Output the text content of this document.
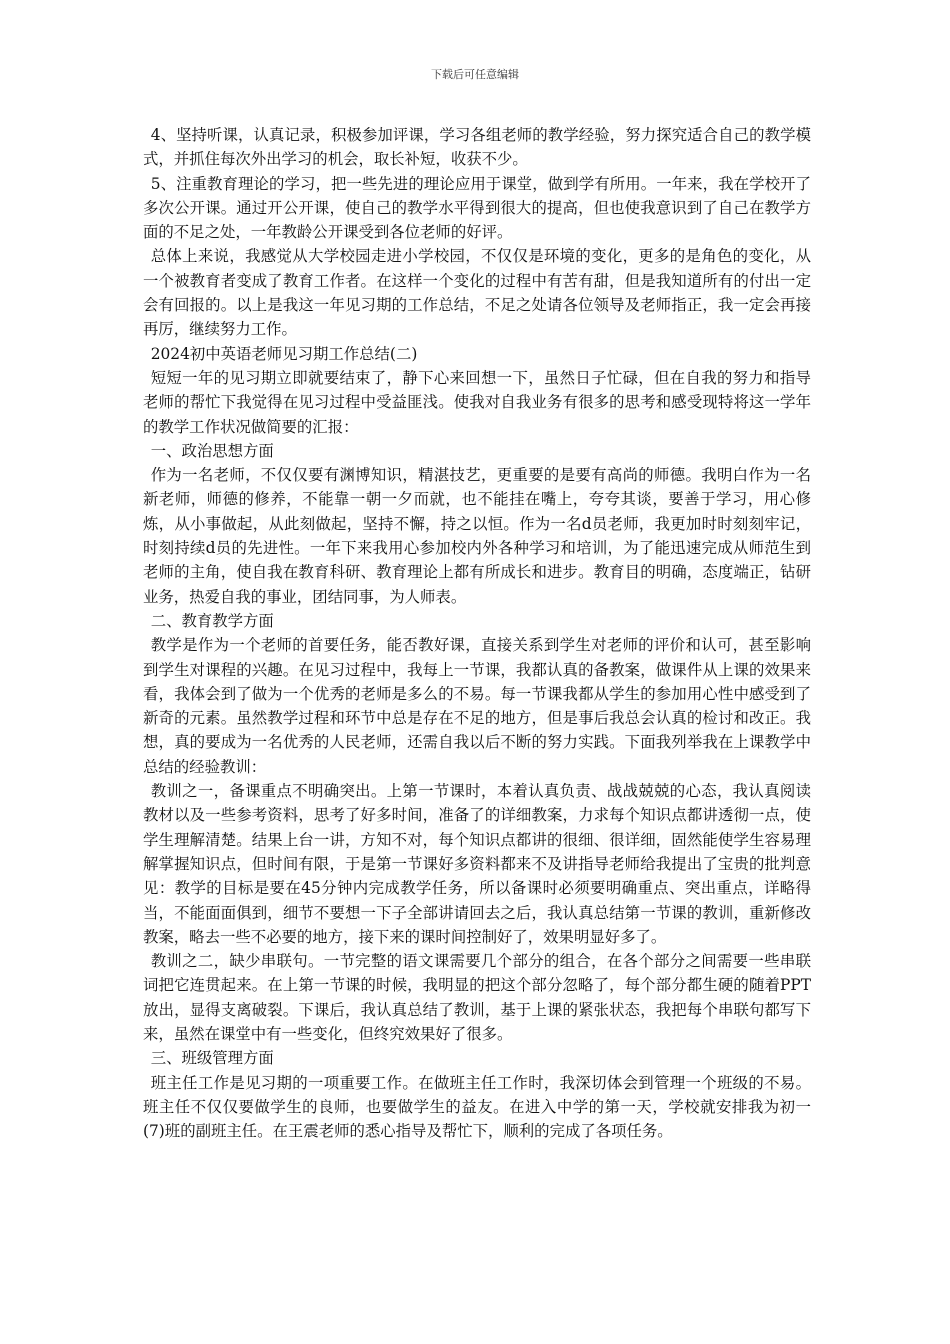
下载后可任意编辑

4、坚持听课，认真记录，积极参加评课，学习各组老师的教学经验，努力探究适合自己的教学模式，并抓住每次外出学习的机会，取长补短，收获不少。

5、注重教育理论的学习，把一些先进的理论应用于课堂，做到学有所用。一年来，我在学校开了多次公开课。通过开公开课，使自己的教学水平得到很大的提高，但也使我意识到了自己在教学方面的不足之处，一年教龄公开课受到各位老师的好评。

总体上来说，我感觉从大学校园走进小学校园，不仅仅是环境的变化，更多的是角色的变化，从一个被教育者变成了教育工作者。在这样一个变化的过程中有苦有甜，但是我知道所有的付出一定会有回报的。以上是我这一年见习期的工作总结，不足之处请各位领导及老师指正，我一定会再接再厉，继续努力工作。

2024初中英语老师见习期工作总结(二)

短短一年的见习期立即就要结束了，静下心来回想一下，虽然日子忙碌，但在自我的努力和指导老师的帮忙下我觉得在见习过程中受益匪浅。使我对自我业务有很多的思考和感受现特将这一学年的教学工作状况做简要的汇报：

一、政治思想方面

作为一名老师，不仅仅要有渊博知识，精湛技艺，更重要的是要有高尚的师德。我明白作为一名新老师，师德的修养，不能靠一朝一夕而就，也不能挂在嘴上，夸夸其谈，要善于学习，用心修炼，从小事做起，从此刻做起，坚持不懈，持之以恒。作为一名d员老师，我更加时时刻刻牢记，时刻持续d员的先进性。一年下来我用心参加校内外各种学习和培训，为了能迅速完成从师范生到老师的主角，使自我在教育科研、教育理论上都有所成长和进步。教育目的明确，态度端正，钻研业务，热爱自我的事业，团结同事，为人师表。

二、教育教学方面

教学是作为一个老师的首要任务，能否教好课，直接关系到学生对老师的评价和认可，甚至影响到学生对课程的兴趣。在见习过程中，我每上一节课，我都认真的备教案，做课件从上课的效果来看，我体会到了做为一个优秀的老师是多么的不易。每一节课我都从学生的参加用心性中感受到了新奇的元素。虽然教学过程和环节中总是存在不足的地方，但是事后我总会认真的检讨和改正。我想，真的要成为一名优秀的人民老师，还需自我以后不断的努力实践。下面我列举我在上课教学中总结的经验教训：

教训之一，备课重点不明确突出。上第一节课时，本着认真负责、战战兢兢的心态，我认真阅读教材以及一些参考资料，思考了好多时间，准备了的详细教案，力求每个知识点都讲透彻一点，使学生理解清楚。结果上台一讲，方知不对，每个知识点都讲的很细、很详细，固然能使学生容易理解掌握知识点，但时间有限，于是第一节课好多资料都来不及讲指导老师给我提出了宝贵的批判意见：教学的目标是要在45分钟内完成教学任务，所以备课时必须要明确重点、突出重点，详略得当，不能面面俱到，细节不要想一下子全部讲请回去之后，我认真总结第一节课的教训，重新修改教案，略去一些不必要的地方，接下来的课时间控制好了，效果明显好多了。

教训之二，缺少串联句。一节完整的语文课需要几个部分的组合，在各个部分之间需要一些串联词把它连贯起来。在上第一节课的时候，我明显的把这个部分忽略了，每个部分都生硬的随着PPT放出，显得支离破裂。下课后，我认真总结了教训，基于上课的紧张状态，我把每个串联句都写下来，虽然在课堂中有一些变化，但终究效果好了很多。

三、班级管理方面

班主任工作是见习期的一项重要工作。在做班主任工作时，我深切体会到管理一个班级的不易。班主任不仅仅要做学生的良师，也要做学生的益友。在进入中学的第一天，学校就安排我为初一(7)班的副班主任。在王震老师的悉心指导及帮忙下，顺利的完成了各项任务。
